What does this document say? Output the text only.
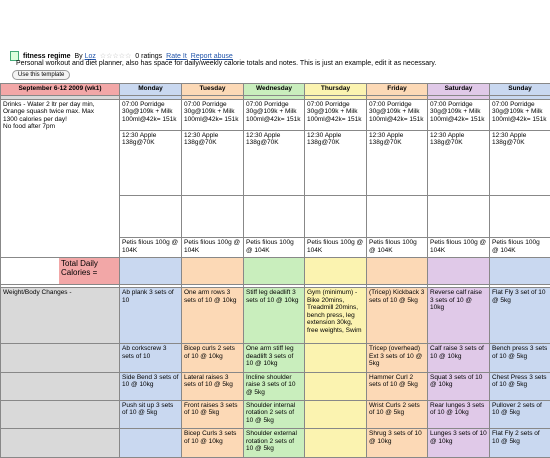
fitness regime By Loz ☆☆☆☆☆ 0 ratings Rate It Report abuse
Personal workout and diet planner, also has space for daily/weekly calorie totals and notes. This is just an example, edit it as necessary.
Use this template
September 6-12 2009 (wk1)	Monday	Tuesday	Wednesday	Thursday	Friday	Saturday	Sunday

Drinks - Water 2 ltr per day min,
Orange squash twice max. Max
1300 calories per day!
No food after 7pm	07:00 Porridge 30g@109k + Milk 100ml@42k= 151k	07:00 Porridge 30g@109k + Milk 100ml@42k= 151k	07:00 Porridge 30g@109k + Milk 100ml@42k= 151k	07:00 Porridge 30g@109k + Milk 100ml@42k= 151k	07:00 Porridge 30g@109k + Milk 100ml@42k= 151k	07:00 Porridge 30g@109k + Milk 100ml@42k= 151k	07:00 Porridge 30g@109k + Milk 100ml@42k= 151k
	12:30 Apple 138g@70K	12:30 Apple 138g@70K	12:30 Apple 138g@70K	12:30 Apple 138g@70K	12:30 Apple 138g@70K	12:30 Apple 138g@70K	12:30 Apple 138g@70K

	Petis filous 100g @ 104K	Petis filous 100g @ 104K	Petis filous 100g @ 104K	Petis filous 100g @ 104K	Petis filous 100g @ 104K	Petis filous 100g @ 104K	Petis filous 100g @ 104K

Total Daily Calories =							

Weight/Body Changes -	Ab plank 3 sets of 10	One arm rows 3 sets of 10 @ 10kg	Stiff leg deadlift 3 sets of 10 @ 10kg	Gym (minimum) - Bike 20mins, Treadmill 20mins, bench press, leg extension 30kg, free weights, Swim	(Tricep) Kickback 3 sets of 10 @ 5kg	Reverse calf raise 3 sets of 10 @ 10kg	Flat Fly 3 set of 10 @ 5kg
	Ab corkscrew 3 sets of 10	Bicep curls 2 sets of 10 @ 10kg	One arm stiff leg deadlift 3 sets of 10 @ 10kg		Tricep (overhead) Ext 3 sets of 10 @ 5kg	Calf raise 3 sets of 10 @ 10kg	Bench press 3 sets of 10 @ 5kg
	Side Bend 3 sets of 10 @ 10kg	Lateral raises 3 sets of 10 @ 5kg	Incline shoulder raise 3 sets of 10 @ 5kg		Hammer Curl 2 sets of 10 @ 5kg	Squat 3 sets of 10 @ 10kg	Chest Press 3 sets of 10 @ 5kg
	Push sit up 3 sets of 10 @ 5kg	Front raises 3 sets of 10 @ 5kg	Shoulder internal rotation 2 sets of 10 @ 5kg		Wrist Curls 2 sets of 10 @ 5kg	Rear lunges 3 sets of 10 @ 10kg	Pullover 2 sets of 10 @ 5kg
		Bicep Curls 3 sets of 10 @ 10kg	Shoulder external rotation 2 sets of 10 @ 5kg		Shrug 3 sets of 10 @ 10kg	Lunges 3 sets of 10 @ 10kg	Flat Fly 2 sets of 10 @ 5kg
